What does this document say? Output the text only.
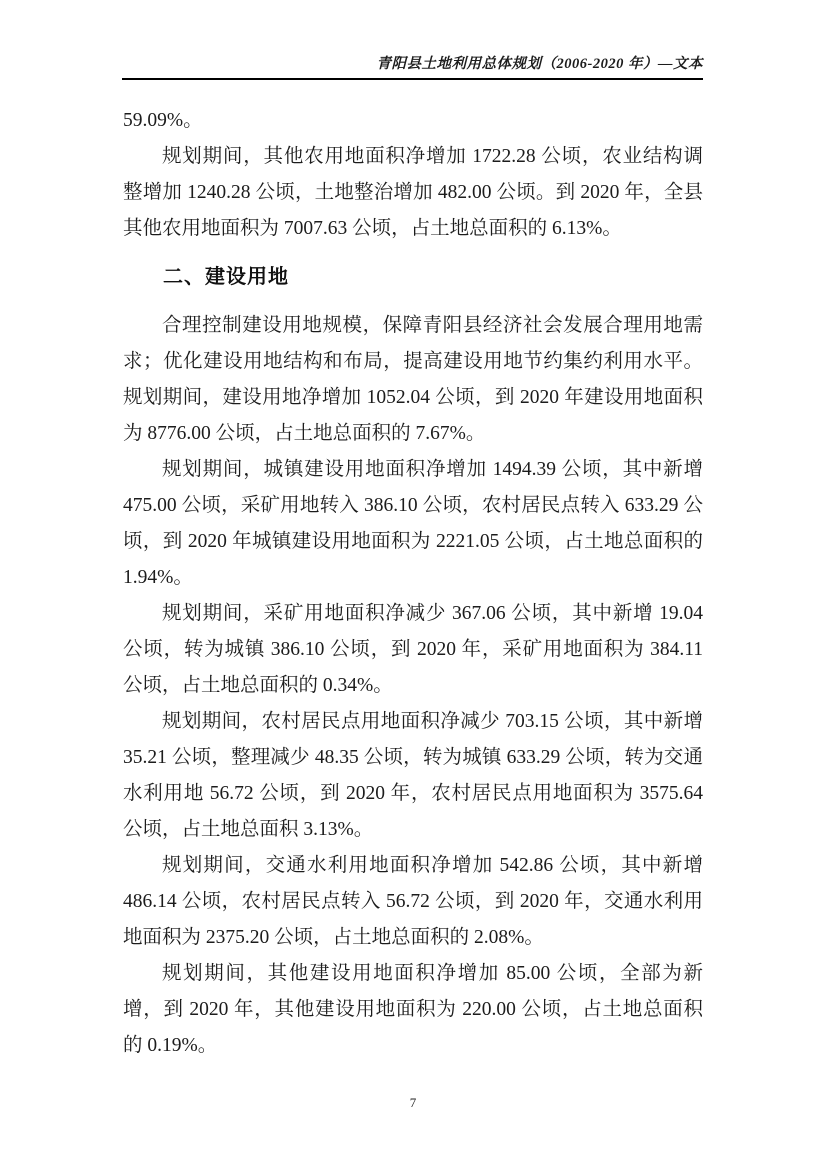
青阳县土地利用总体规划（2006-2020 年）—文本

59.09%。

规划期间，其他农用地面积净增加 1722.28 公顷，农业结构调整增加 1240.28 公顷，土地整治增加 482.00 公顷。到 2020 年，全县其他农用地面积为 7007.63 公顷，占土地总面积的 6.13%。

二、建设用地

合理控制建设用地规模，保障青阳县经济社会发展合理用地需求；优化建设用地结构和布局，提高建设用地节约集约利用水平。规划期间，建设用地净增加 1052.04 公顷，到 2020 年建设用地面积为 8776.00 公顷，占土地总面积的 7.67%。

规划期间，城镇建设用地面积净增加 1494.39 公顷，其中新增 475.00 公顷，采矿用地转入 386.10 公顷，农村居民点转入 633.29 公顷，到 2020 年城镇建设用地面积为 2221.05 公顷，占土地总面积的 1.94%。

规划期间，采矿用地面积净减少 367.06 公顷，其中新增 19.04 公顷，转为城镇 386.10 公顷，到 2020 年，采矿用地面积为 384.11 公顷，占土地总面积的 0.34%。

规划期间，农村居民点用地面积净减少 703.15 公顷，其中新增 35.21 公顷，整理减少 48.35 公顷，转为城镇 633.29 公顷，转为交通水利用地 56.72 公顷，到 2020 年，农村居民点用地面积为 3575.64 公顷，占土地总面积 3.13%。

规划期间，交通水利用地面积净增加 542.86 公顷，其中新增 486.14 公顷，农村居民点转入 56.72 公顷，到 2020 年，交通水利用地面积为 2375.20 公顷，占土地总面积的 2.08%。

规划期间，其他建设用地面积净增加 85.00 公顷，全部为新增，到 2020 年，其他建设用地面积为 220.00 公顷，占土地总面积的 0.19%。

7
